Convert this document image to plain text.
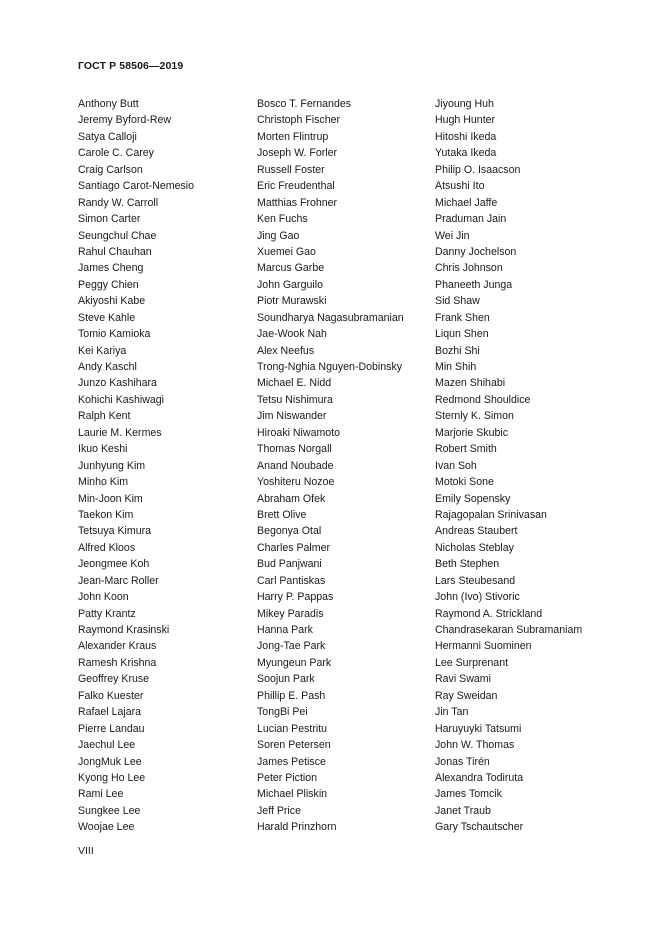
ГОСТ Р 58506—2019
Anthony Butt
Jeremy Byford-Rew
Satya Calloji
Carole C. Carey
Craig Carlson
Santiago Carot-Nemesio
Randy W. Carroll
Simon Carter
Seungchul Chae
Rahul Chauhan
James Cheng
Peggy Chien
Akiyoshi Kabe
Steve Kahle
Tomio Kamioka
Kei Kariya
Andy Kaschl
Junzo Kashihara
Kohichi Kashiwagi
Ralph Kent
Laurie M. Kermes
Ikuo Keshi
Junhyung Kim
Minho Kim
Min-Joon Kim
Taekon Kim
Tetsuya Kimura
Alfred Kloos
Jeongmee Koh
Jean-Marc Roller
John Koon
Patty Krantz
Raymond Krasinski
Alexander Kraus
Ramesh Krishna
Geoffrey Kruse
Falko Kuester
Rafael Lajara
Pierre Landau
Jaechul Lee
JongMuk Lee
Kyong Ho Lee
Rami Lee
Sungkee Lee
Woojae Lee
Bosco T. Fernandes
Christoph Fischer
Morten Flintrup
Joseph W. Forler
Russell Foster
Eric Freudenthal
Matthias Frohner
Ken Fuchs
Jing Gao
Xuemei Gao
Marcus Garbe
John Garguilo
Piotr Murawski
Soundharya Nagasubramanian
Jae-Wook Nah
Alex Neefus
Trong-Nghia Nguyen-Dobinsky
Michael E. Nidd
Tetsu Nishimura
Jim Niswander
Hiroaki Niwamoto
Thomas Norgall
Anand Noubade
Yoshiteru Nozoe
Abraham Ofek
Brett Olive
Begonya Otal
Charles Palmer
Bud Panjwani
Carl Pantiskas
Harry P. Pappas
Mikey Paradis
Hanna Park
Jong-Tae Park
Myungeun Park
Soojun Park
Phillip E. Pash
TongBi Pei
Lucian Pestritu
Soren Petersen
James Petisce
Peter Piction
Michael Pliskin
Jeff Price
Harald Prinzhorn
Jiyoung Huh
Hugh Hunter
Hitoshi Ikeda
Yutaka Ikeda
Philip O. Isaacson
Atsushi Ito
Michael Jaffe
Praduman Jain
Wei Jin
Danny Jochelson
Chris Johnson
Phaneeth Junga
Sid Shaw
Frank Shen
Liqun Shen
Bozhi Shi
Min Shih
Mazen Shihabi
Redmond Shouldice
Sternly K. Simon
Marjorie Skubic
Robert Smith
Ivan Soh
Motoki Sone
Emily Sopensky
Rajagopalan Srinivasan
Andreas Staubert
Nicholas Steblay
Beth Stephen
Lars Steubesand
John (Ivo) Stivoric
Raymond A. Strickland
Chandrasekaran Subramaniam
Hermanni Suominen
Lee Surprenant
Ravi Swami
Ray Sweidan
Jin Tan
Haruyuyki Tatsumi
John W. Thomas
Jonas Tirén
Alexandra Todiruta
James Tomcik
Janet Traub
Gary Tschautscher
VIII
